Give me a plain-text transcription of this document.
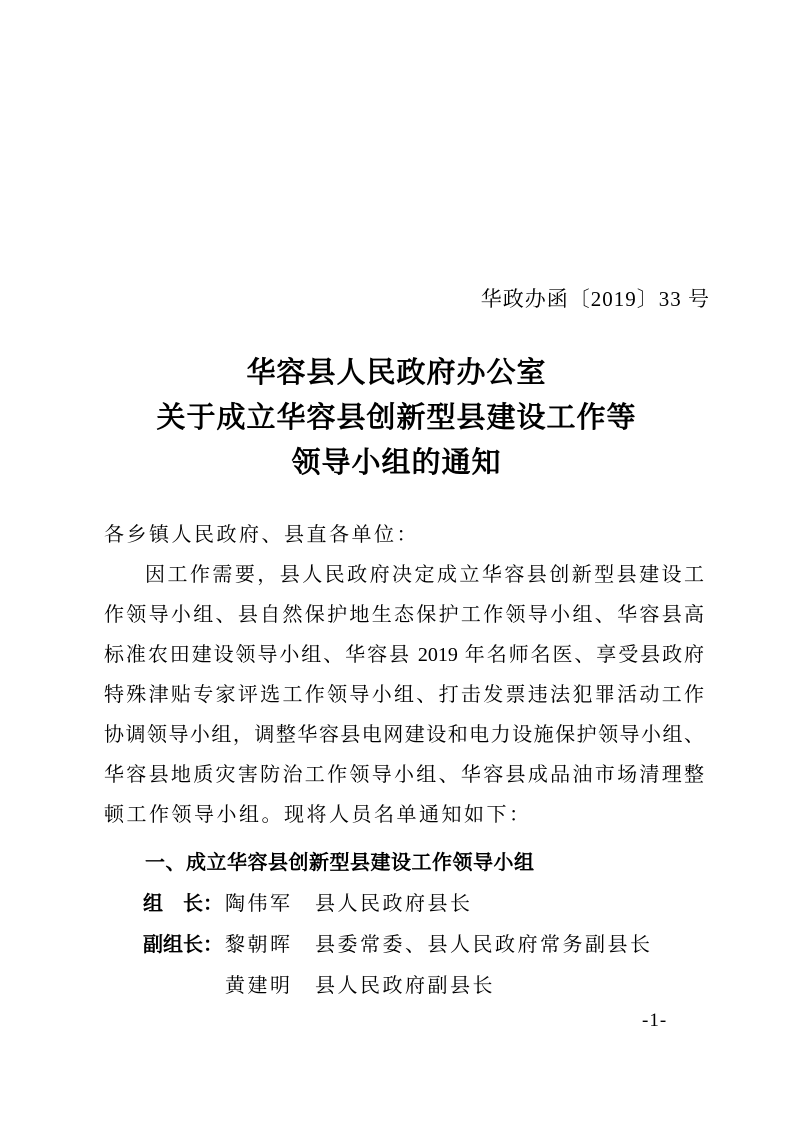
华政办函〔2019〕33 号
华容县人民政府办公室
关于成立华容县创新型县建设工作等
领导小组的通知
各乡镇人民政府、县直各单位：
因工作需要，县人民政府决定成立华容县创新型县建设工
作领导小组、县自然保护地生态保护工作领导小组、华容县高
标准农田建设领导小组、华容县 2019 年名师名医、享受县政府
特殊津贴专家评选工作领导小组、打击发票违法犯罪活动工作
协调领导小组，调整华容县电网建设和电力设施保护领导小组、
华容县地质灾害防治工作领导小组、华容县成品油市场清理整
顿工作领导小组。现将人员名单通知如下：
一、成立华容县创新型县建设工作领导小组
组　长： 陶伟军 县人民政府县长
副组长： 黎朝晖 县委常委、县人民政府常务副县长
黄建明 县人民政府副县长
-1-
